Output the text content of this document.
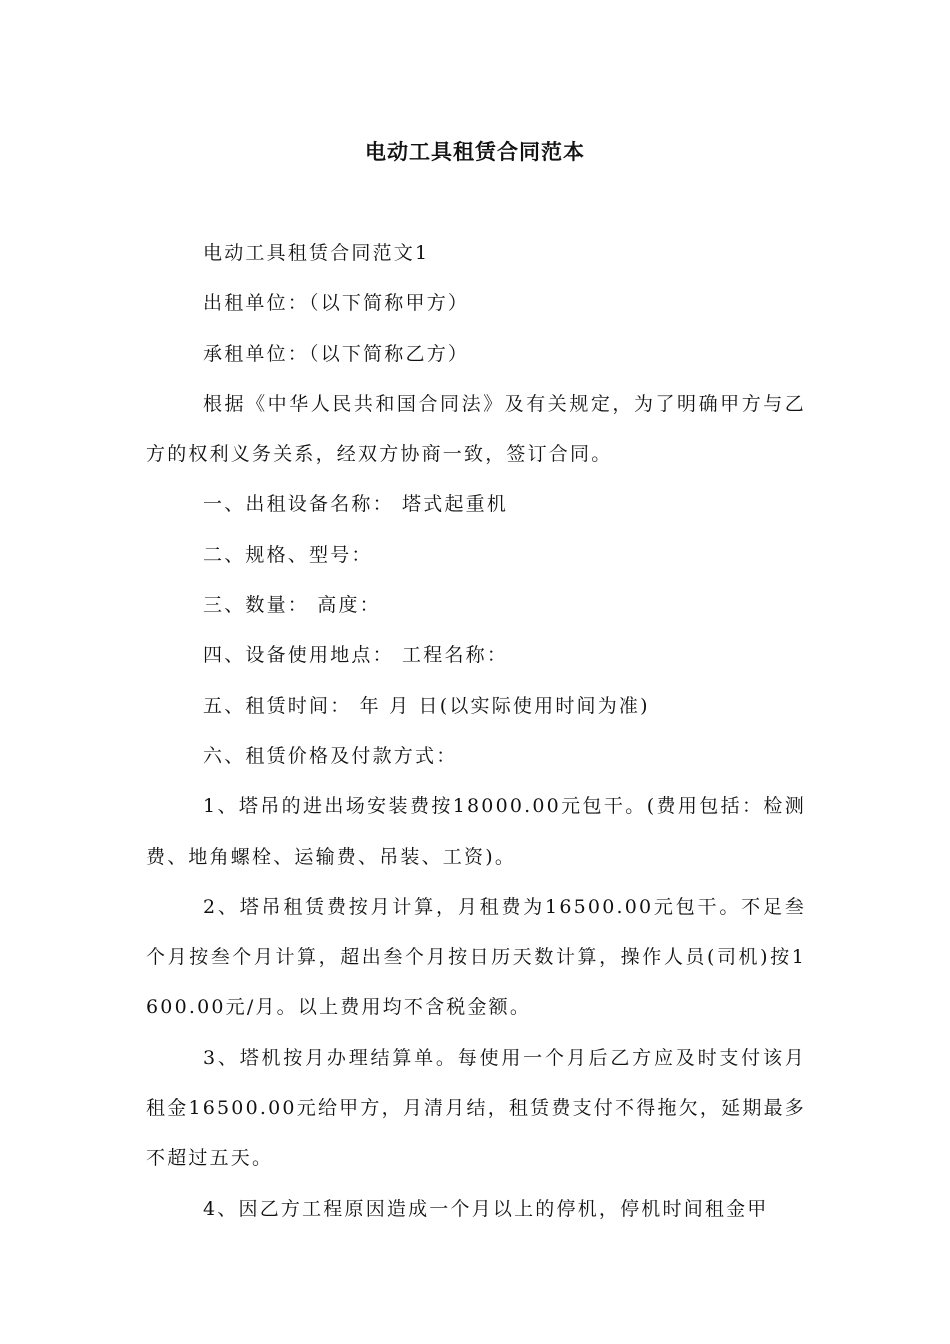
电动工具租赁合同范本

电动工具租赁合同范文1

出租单位：（以下简称甲方）

承租单位：（以下简称乙方）

根据《中华人民共和国合同法》及有关规定，为了明确甲方与乙方的权利义务关系，经双方协商一致，签订合同。

一、出租设备名称： 塔式起重机

二、规格、型号：

三、数量： 高度：

四、设备使用地点： 工程名称：

五、租赁时间： 年 月 日(以实际使用时间为准)

六、租赁价格及付款方式：

1、塔吊的进出场安装费按18000.00元包干。(费用包括：检测费、地角螺栓、运输费、吊装、工资)。

2、塔吊租赁费按月计算，月租费为16500.00元包干。不足叁个月按叁个月计算，超出叁个月按日历天数计算，操作人员(司机)按1600.00元/月。以上费用均不含税金额。

3、塔机按月办理结算单。每使用一个月后乙方应及时支付该月租金16500.00元给甲方，月清月结，租赁费支付不得拖欠，延期最多不超过五天。

4、因乙方工程原因造成一个月以上的停机，停机时间租金甲
